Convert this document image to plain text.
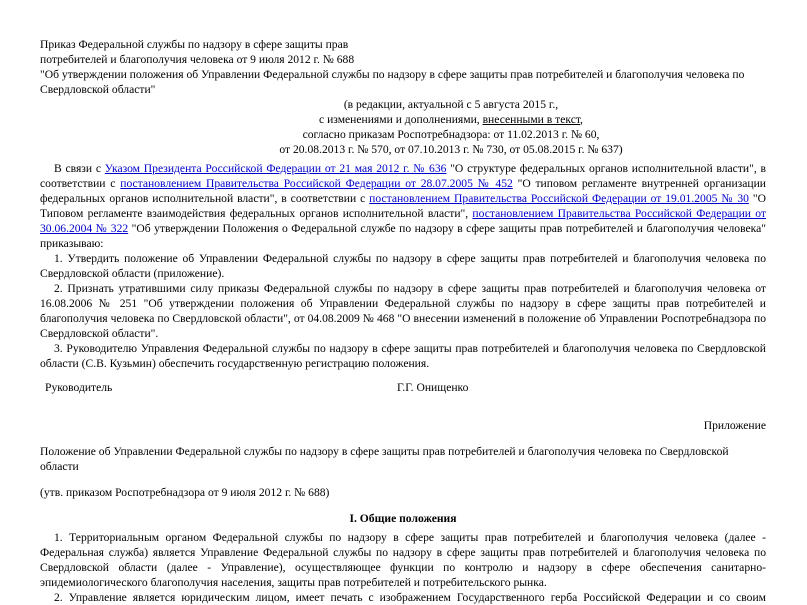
Приказ Федеральной службы по надзору в сфере защиты прав

потребителей и благополучия человека от 9 июля 2012 г. № 688

"Об утверждении положения об Управлении Федеральной службы по надзору в сфере защиты прав потребителей и благополучия человека по Свердловской области"

(в редакции, актуальной с 5 августа 2015 г.,

с изменениями и дополнениями, внесенными в текст,

согласно приказам Роспотребнадзора: от 11.02.2013 г. № 60,

от 20.08.2013 г. № 570, от 07.10.2013 г. № 730, от 05.08.2015 г. № 637)

В связи с Указом Президента Российской Федерации от 21 мая 2012 г. № 636 "О структуре федеральных органов исполнительной власти", в соответствии с постановлением Правительства Российской Федерации от 28.07.2005 № 452 "О типовом регламенте внутренней организации федеральных органов исполнительной власти", в соответствии с постановлением Правительства Российской Федерации от 19.01.2005 № 30 "О Типовом регламенте взаимодействия федеральных органов исполнительной власти", постановлением Правительства Российской Федерации от 30.06.2004 № 322 "Об утверждении Положения о Федеральной службе по надзору в сфере защиты прав потребителей и благополучия человека" приказываю:

1. Утвердить положение об Управлении Федеральной службы по надзору в сфере защиты прав потребителей и благополучия человека по Свердловской области (приложение).

2. Признать утратившими силу приказы Федеральной службы по надзору в сфере защиты прав потребителей и благополучия человека от 16.08.2006 № 251 "Об утверждении положения об Управлении Федеральной службы по надзору в сфере защиты прав потребителей и благополучия человека по Свердловской области", от 04.08.2009 № 468 "О внесении изменений в положение об Управлении Роспотребнадзора по Свердловской области".

3. Руководителю Управления Федеральной службы по надзору в сфере защиты прав потребителей и благополучия человека по Свердловской области (С.В. Кузьмин) обеспечить государственную регистрацию положения.

Руководитель	Г.Г. Онищенко

Приложение

Положение об Управлении Федеральной службы по надзору в сфере защиты прав потребителей и благополучия человека по Свердловской области

(утв. приказом Роспотребнадзора от 9 июля 2012 г. № 688)

I. Общие положения

1. Территориальным органом Федеральной службы по надзору в сфере защиты прав потребителей и благополучия человека (далее - Федеральная служба) является Управление Федеральной службы по надзору в сфере защиты прав потребителей и благополучия человека по Свердловской области (далее - Управление), осуществляющее функции по контролю и надзору в сфере обеспечения санитарно-эпидемиологического благополучия населения, защиты прав потребителей и потребительского рынка.

2. Управление является юридическим лицом, имеет печать с изображением Государственного герба Российской Федерации и со своим
